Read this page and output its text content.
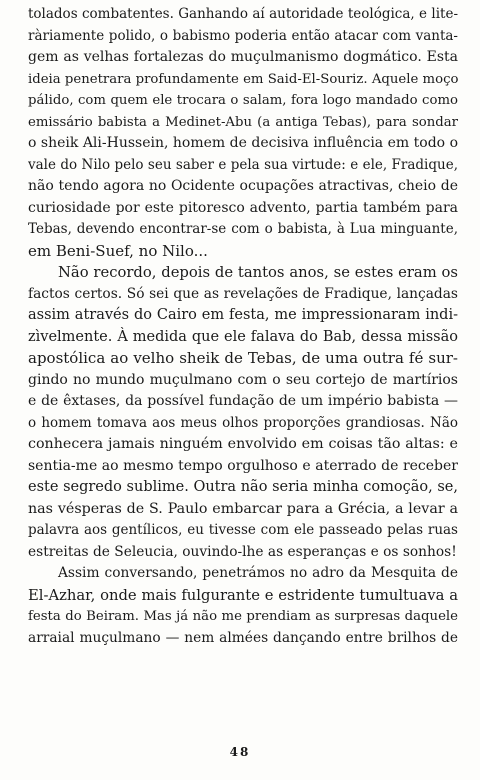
tolados combatentes. Ganhando aí autoridade teológica, e lite-
ràriamente polido, o babismo poderia então atacar com vanta-
gem as velhas fortalezas do muçulmanismo dogmático. Esta
ideia penetrara profundamente em Said-El-Souriz. Aquele moço
pálido, com quem ele trocara o salam, fora logo mandado como
emissário babista a Medinet-Abu (a antiga Tebas), para sondar
o sheik Ali-Hussein, homem de decisiva influência em todo o
vale do Nilo pelo seu saber e pela sua virtude: e ele, Fradique,
não tendo agora no Ocidente ocupações atractivas, cheio de
curiosidade por este pitoresco advento, partia também para
Tebas, devendo encontrar-se com o babista, à Lua minguante,
em Beni-Suef, no Nilo...
Não recordo, depois de tantos anos, se estes eram os
factos certos. Só sei que as revelações de Fradique, lançadas
assim através do Cairo em festa, me impressionaram indi-
zìvelmente. À medida que ele falava do Bab, dessa missão
apostólica ao velho sheik de Tebas, de uma outra fé sur-
gindo no mundo muçulmano com o seu cortejo de martírios
e de êxtases, da possível fundação de um império babista —
o homem tomava aos meus olhos proporções grandiosas. Não
conhecera jamais ninguém envolvido em coisas tão altas: e
sentia-me ao mesmo tempo orgulhoso e aterrado de receber
este segredo sublime. Outra não seria minha comoção, se,
nas vésperas de S. Paulo embarcar para a Grécia, a levar a
palavra aos gentílicos, eu tivesse com ele passeado pelas ruas
estreitas de Seleucia, ouvindo-lhe as esperanças e os sonhos!
Assim conversando, penetrámos no adro da Mesquita de
El-Azhar, onde mais fulgurante e estridente tumultuava a
festa do Beiram. Mas já não me prendiam as surpresas daquele
arraial muçulmano — nem almées dançando entre brilhos de
48
